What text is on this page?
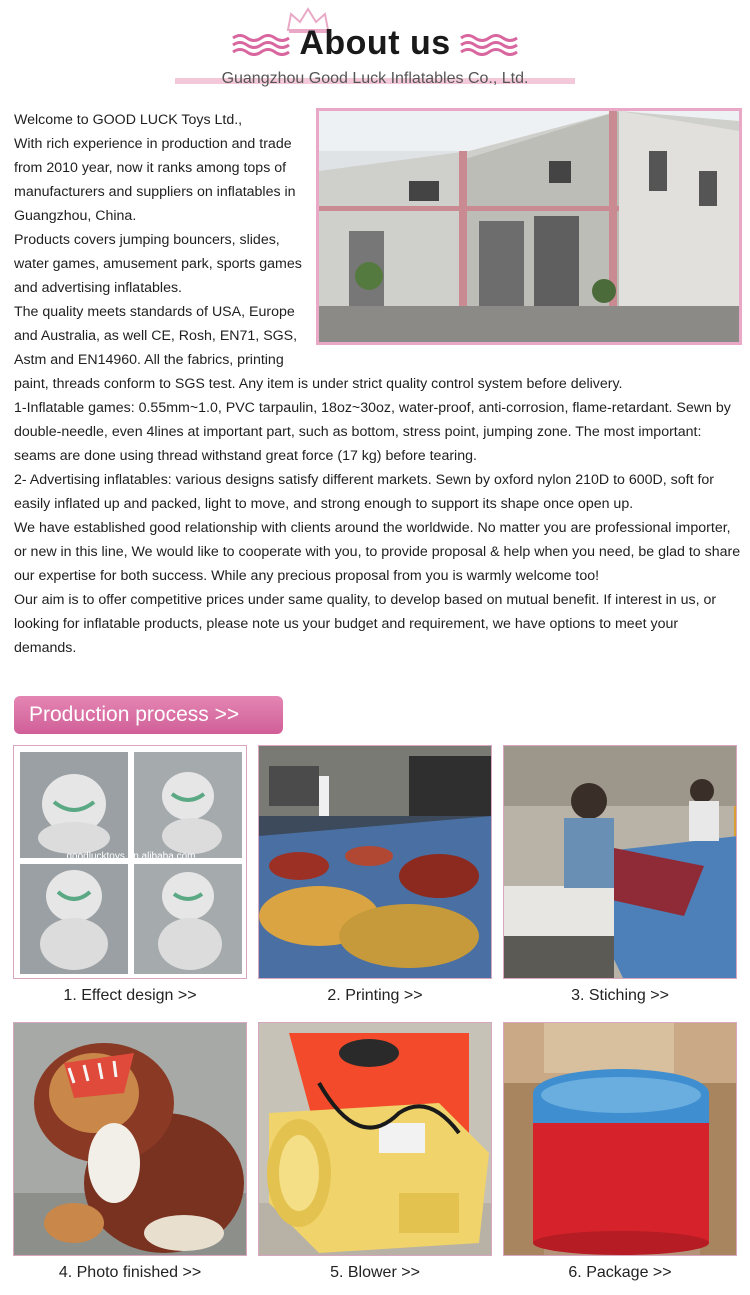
About us
Guangzhou Good Luck Inflatables Co., Ltd.

Welcome to GOOD LUCK Toys Ltd.,

With rich experience in production and trade from 2010 year, now it ranks among tops of manufacturers and suppliers on inflatables in Guangzhou, China.

Products covers jumping bouncers, slides, water games, amusement park, sports games and advertising inflatables.

The quality meets standards of USA, Europe and Australia, as well CE, Rosh, EN71, SGS, Astm and EN14960. All the fabrics, printing paint, threads conform to SGS test. Any item is under strict quality control system before delivery.

1-Inflatable games: 0.55mm~1.0, PVC tarpaulin, 18oz~30oz, water-proof, anti-corrosion, flame-retardant. Sewn by double-needle, even 4lines at important part, such as bottom, stress point, jumping zone. The most important: seams are done using thread withstand great force (17 kg) before tearing.

2- Advertising inflatables: various designs satisfy different markets. Sewn by oxford nylon 210D to 600D, soft for easily inflated up and packed, light to move, and strong enough to support its shape once open up.

We have established good relationship with clients around the worldwide. No matter you are professional importer, or new in this line, We would like to cooperate with you, to provide proposal & help when you need, be glad to share our expertise for both success. While any precious proposal from you is warmly welcome too!

Our aim is to offer competitive prices under same quality, to develop based on mutual benefit. If interest in us, or looking for inflatable products, please note us your budget and requirement, we have options to meet your demands.

Production process >>
goodlucktoys.en.alibaba.com
1. Effect design >>	2. Printing >>	3. Stiching >>
4. Photo finished >>	5. Blower >>	6. Package >>
